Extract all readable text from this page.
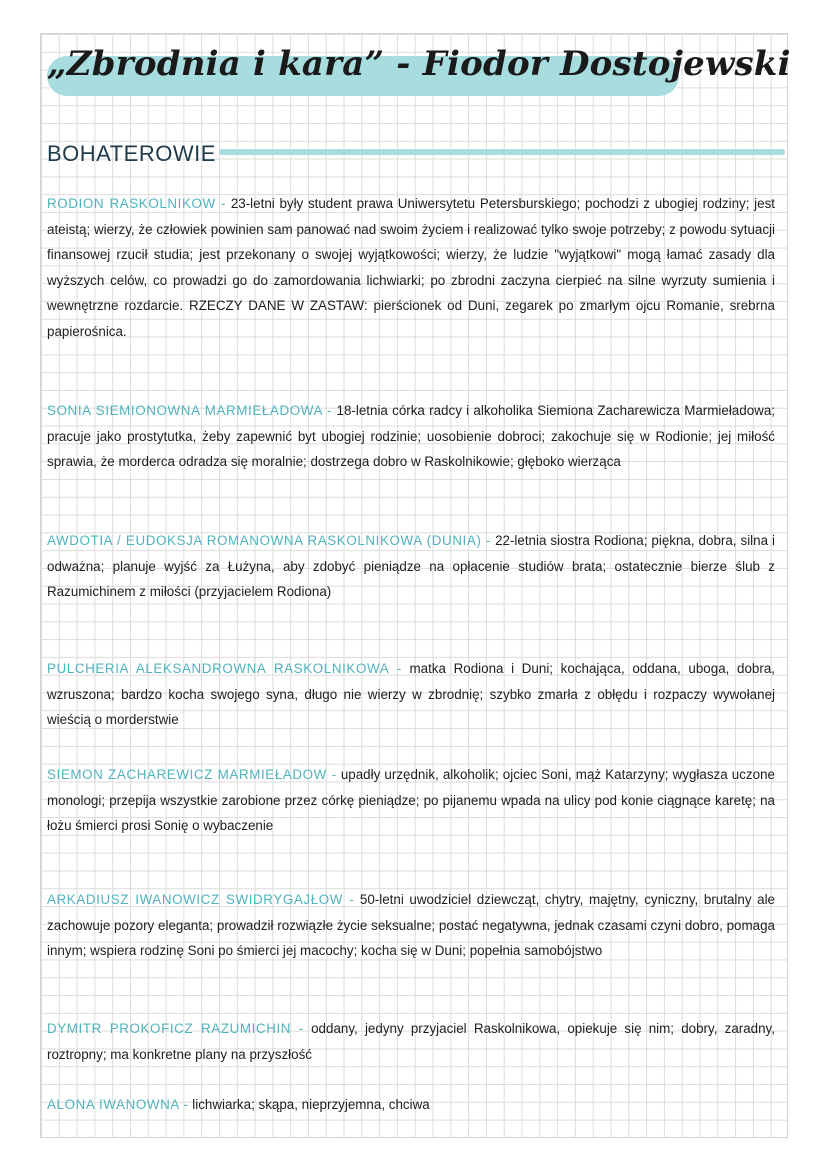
„Zbrodnia i kara” - Fiodor Dostojewski
BOHATEROWIE

RODION RASKOLNIKOW - 23-letni były student prawa Uniwersytetu Petersburskiego; pochodzi z ubogiej rodziny; jest ateistą; wierzy, że człowiek powinien sam panować nad swoim życiem i realizować tylko swoje potrzeby; z powodu sytuacji finansowej rzucił studia; jest przekonany o swojej wyjątkowości; wierzy, że ludzie "wyjątkowi" mogą łamać zasady dla wyższych celów, co prowadzi go do zamordowania lichwiarki; po zbrodni zaczyna cierpieć na silne wyrzuty sumienia i wewnętrzne rozdarcie. RZECZY DANE W ZASTAW: pierścionek od Duni, zegarek po zmarłym ojcu Romanie, srebrna papierośnica.

SONIA SIEMIONOWNA MARMIEŁADOWA - 18-letnia córka radcy i alkoholika Siemiona Zacharewicza Marmieładowa; pracuje jako prostytutka, żeby zapewnić byt ubogiej rodzinie; uosobienie dobroci; zakochuje się w Rodionie; jej miłość sprawia, że morderca odradza się moralnie; dostrzega dobro w Raskolnikowie; głęboko wierząca

AWDOTIA / EUDOKSJA ROMANOWNA RASKOLNIKOWA (DUNIA) - 22-letnia siostra Rodiona; piękna, dobra, silna i odważna; planuje wyjść za Łużyna, aby zdobyć pieniądze na opłacenie studiów brata; ostatecznie bierze ślub z Razumichinem z miłości (przyjacielem Rodiona)

PULCHERIA ALEKSANDROWNA RASKOLNIKOWA - matka Rodiona i Duni; kochająca, oddana, uboga, dobra, wzruszona; bardzo kocha swojego syna, długo nie wierzy w zbrodnię; szybko zmarła z obłędu i rozpaczy wywołanej wieścią o morderstwie

SIEMON ZACHAREWICZ MARMIEŁADOW - upadły urzędnik, alkoholik; ojciec Soni, mąż Katarzyny; wygłasza uczone monologi; przepija wszystkie zarobione przez córkę pieniądze; po pijanemu wpada na ulicy pod konie ciągnące karetę; na łożu śmierci prosi Sonię o wybaczenie

ARKADIUSZ IWANOWICZ SWIDRYGAJŁOW - 50-letni uwodziciel dziewcząt, chytry, majętny, cyniczny, brutalny ale zachowuje pozory eleganta; prowadził rozwiązłe życie seksualne; postać negatywna, jednak czasami czyni dobro, pomaga innym; wspiera rodzinę Soni po śmierci jej macochy; kocha się w Duni; popełnia samobójstwo

DYMITR PROKOFICZ RAZUMICHIN - oddany, jedyny przyjaciel Raskolnikowa, opiekuje się nim; dobry, zaradny, roztropny; ma konkretne plany na przyszłość

ALONA IWANOWNA - lichwiarka; skąpa, nieprzyjemna, chciwa
